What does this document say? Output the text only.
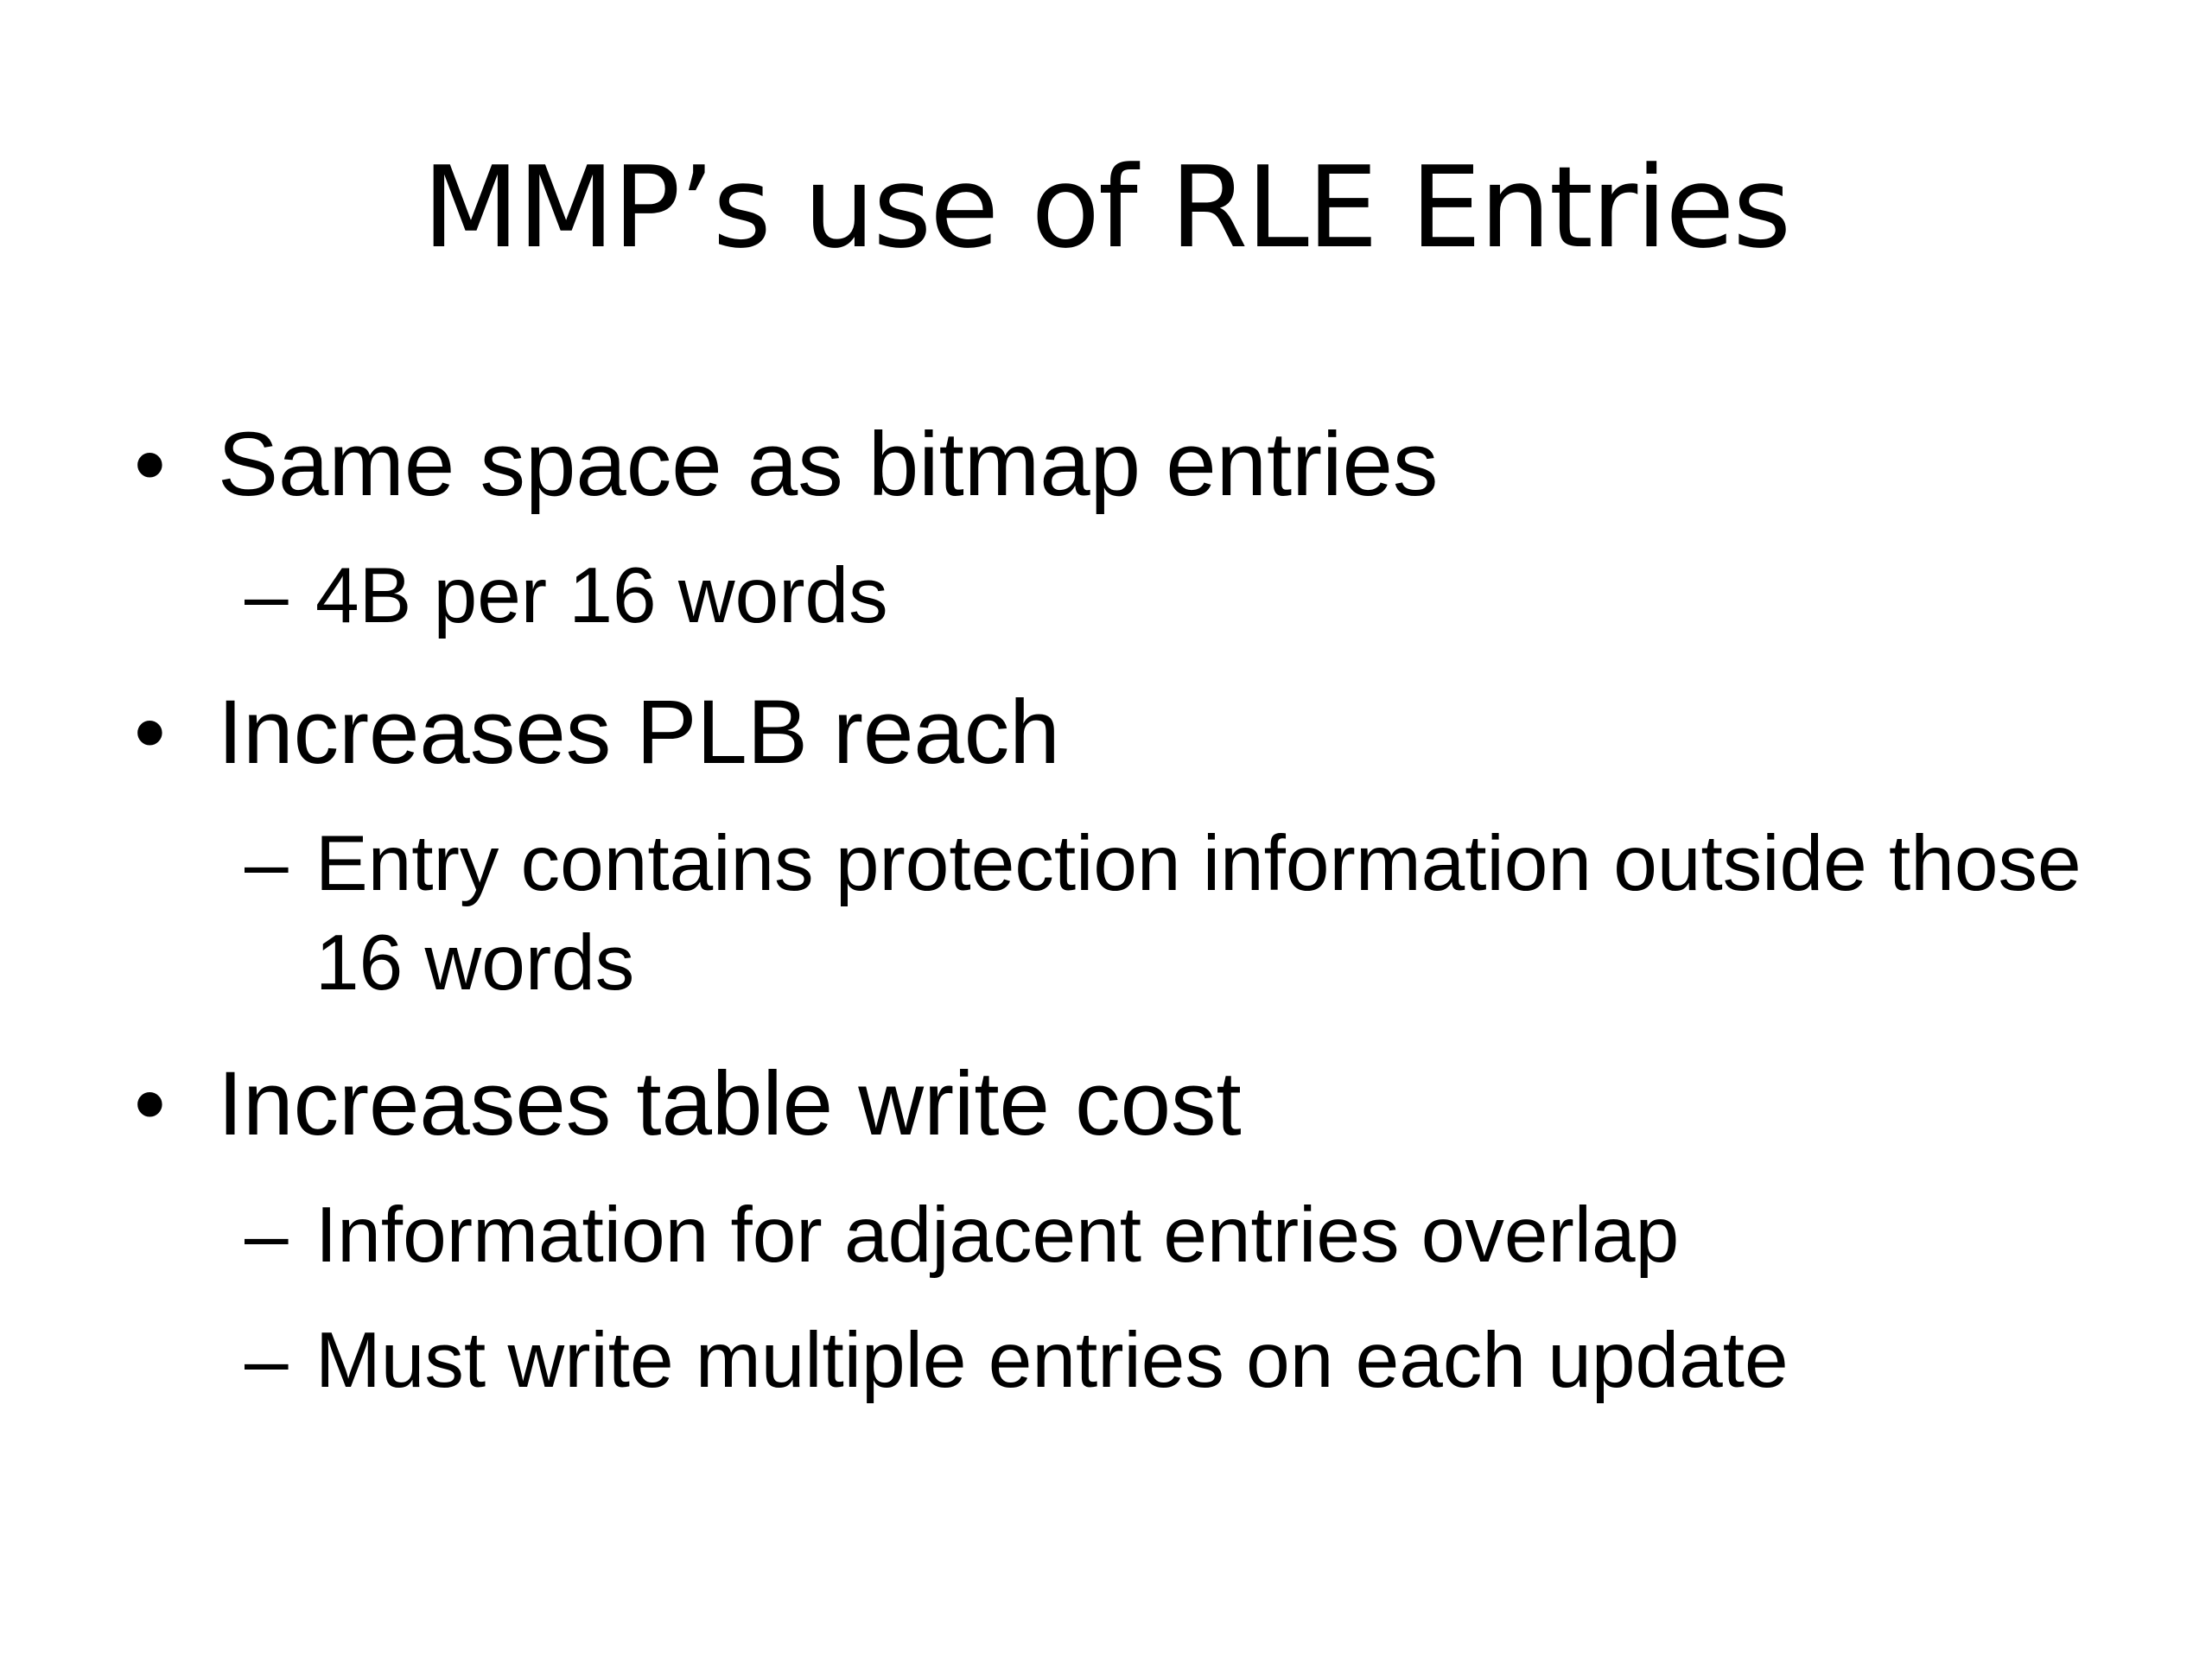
MMP’s use of RLE Entries
• Same space as bitmap entries
– 4B per 16 words
• Increases PLB reach
– Entry contains protection information outside those 16 words
• Increases table write cost
– Information for adjacent entries overlap
– Must write multiple entries on each update
